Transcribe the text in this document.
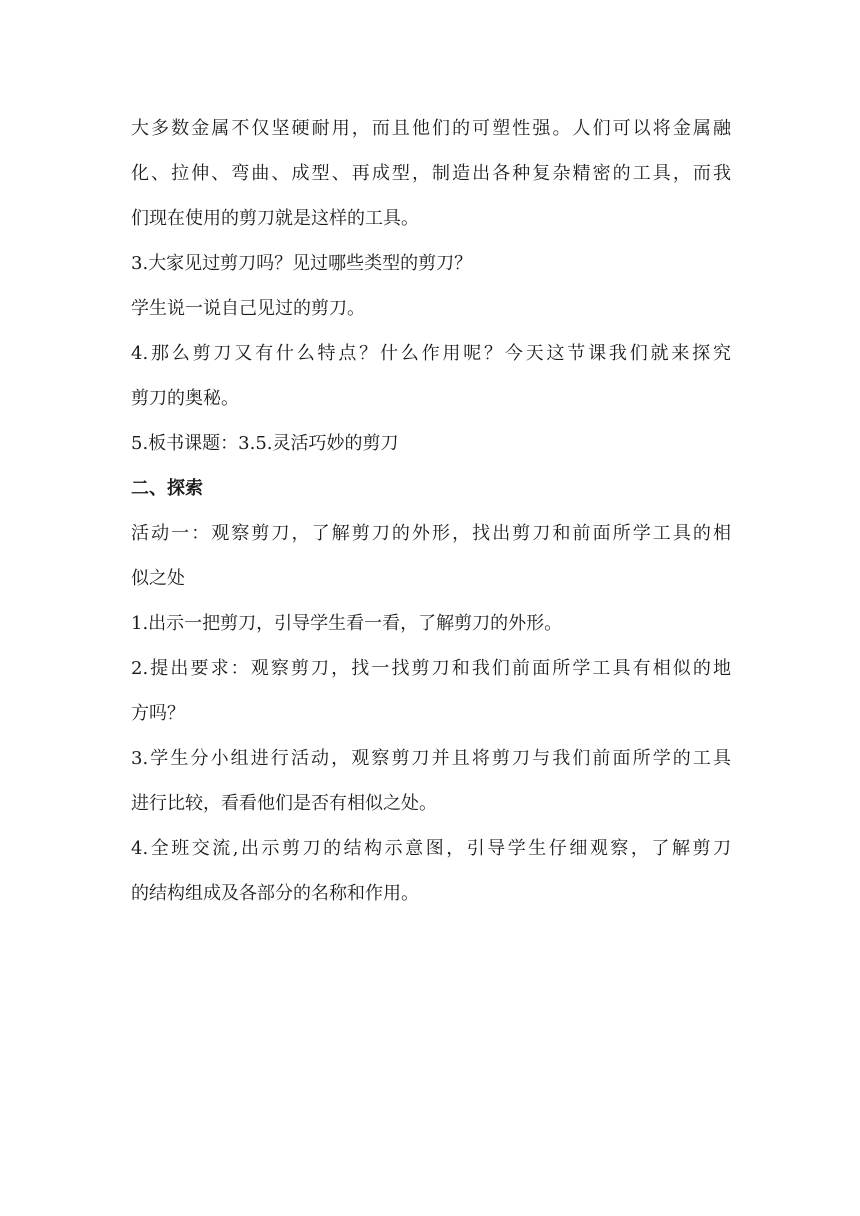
大多数金属不仅坚硬耐用，而且他们的可塑性强。人们可以将金属融
化、拉伸、弯曲、成型、再成型，制造出各种复杂精密的工具，而我
们现在使用的剪刀就是这样的工具。
3.大家见过剪刀吗？见过哪些类型的剪刀？
学生说一说自己见过的剪刀。
4.那么剪刀又有什么特点？什么作用呢？今天这节课我们就来探究
剪刀的奥秘。
5.板书课题：3.5.灵活巧妙的剪刀
二、探索
活动一：观察剪刀，了解剪刀的外形，找出剪刀和前面所学工具的相
似之处
1.出示一把剪刀，引导学生看一看，了解剪刀的外形。
2.提出要求：观察剪刀，找一找剪刀和我们前面所学工具有相似的地
方吗？
3.学生分小组进行活动，观察剪刀并且将剪刀与我们前面所学的工具
进行比较，看看他们是否有相似之处。
4.全班交流,出示剪刀的结构示意图，引导学生仔细观察，了解剪刀
的结构组成及各部分的名称和作用。
